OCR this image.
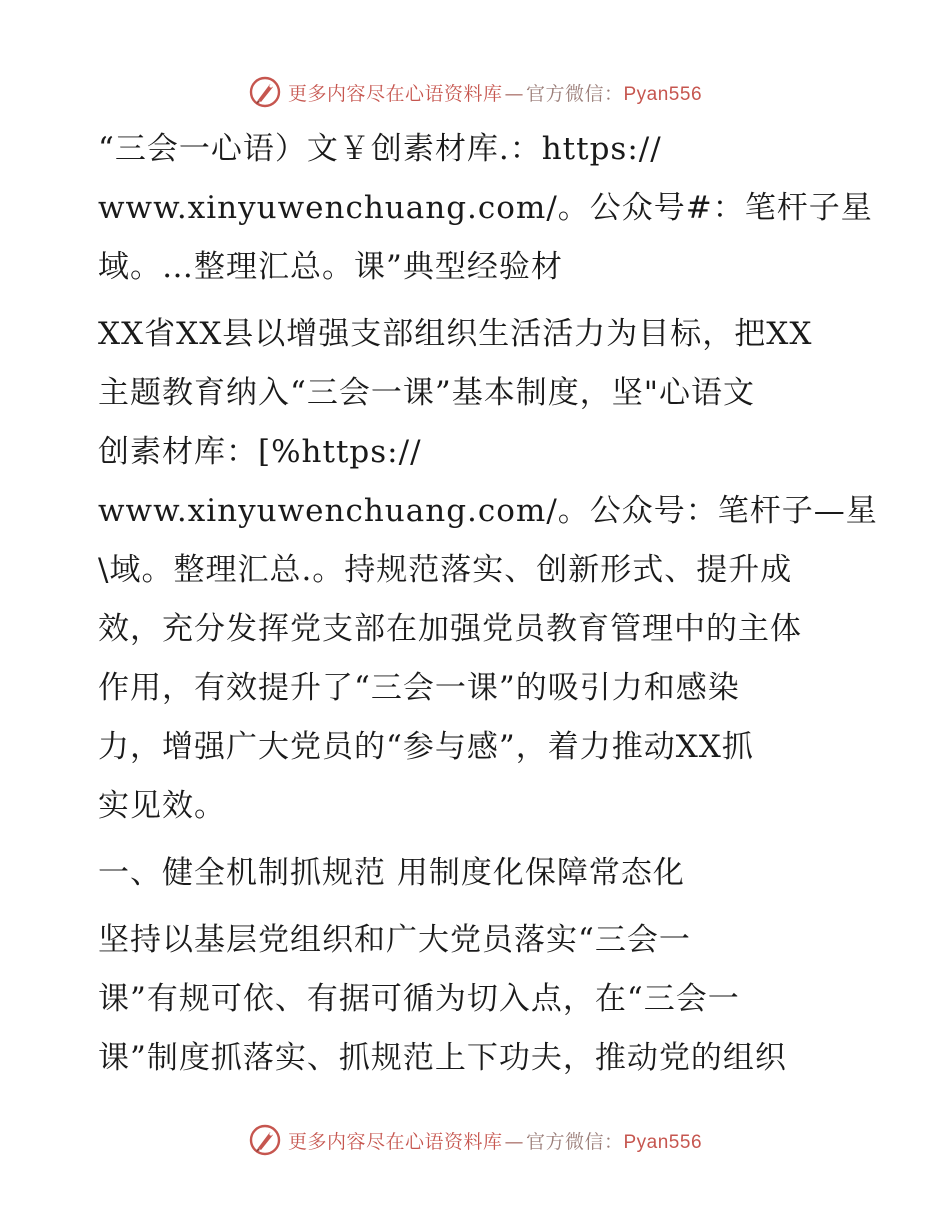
更多内容尽在心语资料库 — 官方微信：Pyan556

“三会一心语）文￥创素材库.：https://
www.xinyuwenchuang.com/。公众号#：笔杆子星
域。…整理汇总。课”典型经验材

XX省XX县以增强支部组织生活活力为目标，把XX
主题教育纳入“三会一课”基本制度，坚"心语文
创素材库：[%https://
www.xinyuwenchuang.com/。公众号：笔杆子—星
\域。整理汇总.。持规范落实、创新形式、提升成
效，充分发挥党支部在加强党员教育管理中的主体
作用，有效提升了“三会一课”的吸引力和感染
力，增强广大党员的“参与感”，着力推动XX抓
实见效。

一、健全机制抓规范 用制度化保障常态化

坚持以基层党组织和广大党员落实“三会一
课”有规可依、有据可循为切入点，在“三会一
课”制度抓落实、抓规范上下功夫，推动党的组织

更多内容尽在心语资料库 — 官方微信：Pyan556
